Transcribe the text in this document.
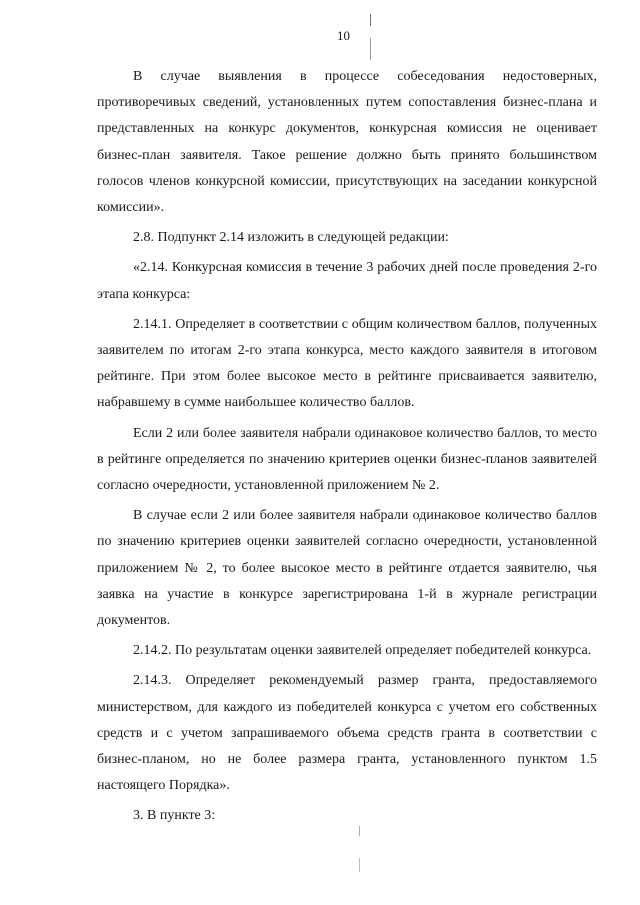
10

В случае выявления в процессе собеседования недостоверных, противоречивых сведений, установленных путем сопоставления бизнес-плана и представленных на конкурс документов, конкурсная комиссия не оценивает бизнес-план заявителя. Такое решение должно быть принято большинством голосов членов конкурсной комиссии, присутствующих на заседании конкурсной комиссии».

2.8. Подпункт 2.14 изложить в следующей редакции:

«2.14. Конкурсная комиссия в течение 3 рабочих дней после проведения 2-го этапа конкурса:

2.14.1. Определяет в соответствии с общим количеством баллов, полученных заявителем по итогам 2-го этапа конкурса, место каждого заявителя в итоговом рейтинге. При этом более высокое место в рейтинге присваивается заявителю, набравшему в сумме наибольшее количество баллов.

Если 2 или более заявителя набрали одинаковое количество баллов, то место в рейтинге определяется по значению критериев оценки бизнес-планов заявителей согласно очередности, установленной приложением № 2.

В случае если 2 или более заявителя набрали одинаковое количество баллов по значению критериев оценки заявителей согласно очередности, установленной приложением № 2, то более высокое место в рейтинге отдается заявителю, чья заявка на участие в конкурсе зарегистрирована 1-й в журнале регистрации документов.

2.14.2. По результатам оценки заявителей определяет победителей конкурса.

2.14.3. Определяет рекомендуемый размер гранта, предоставляемого министерством, для каждого из победителей конкурса с учетом его собственных средств и с учетом запрашиваемого объема средств гранта в соответствии с бизнес-планом, но не более размера гранта, установленного пунктом 1.5 настоящего Порядка».

3. В пункте 3:
